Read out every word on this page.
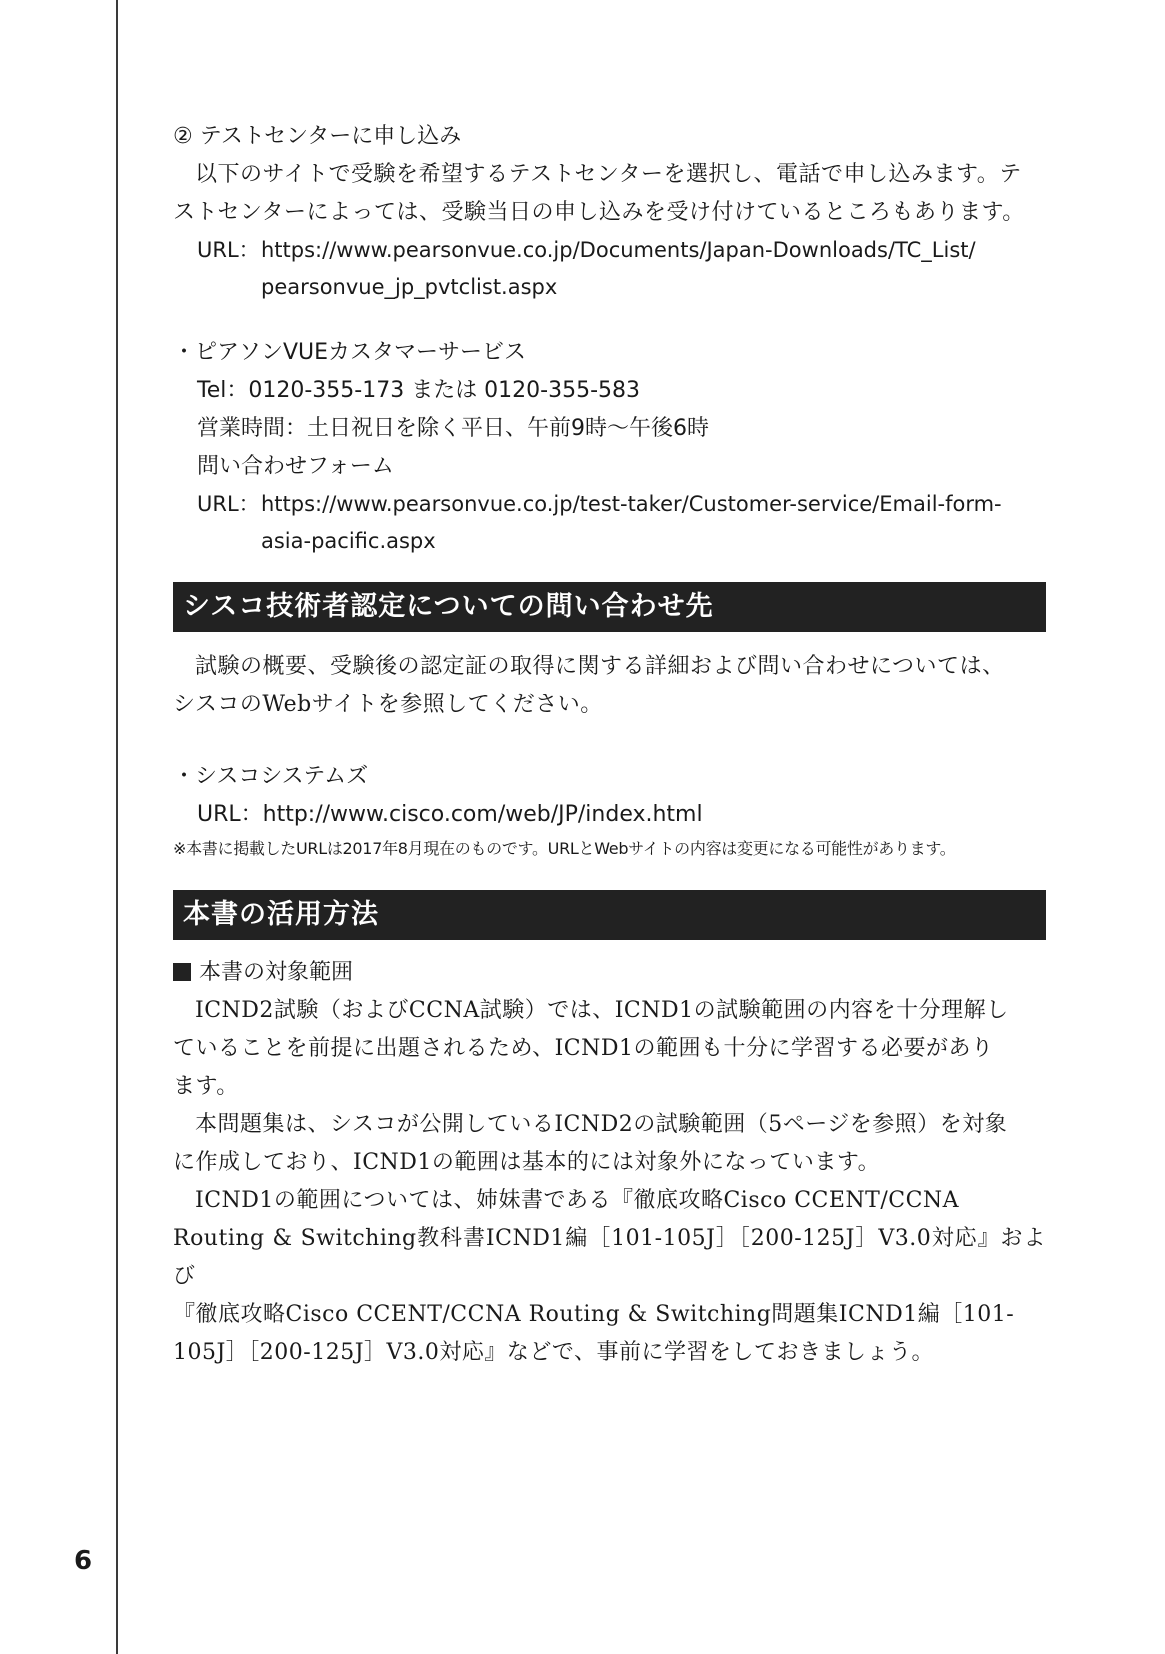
6
② テストセンターに申し込み
以下のサイトで受験を希望するテストセンターを選択し、電話で申し込みます。テ
ストセンターによっては、受験当日の申し込みを受け付けているところもあります。
URL： https://www.pearsonvue.co.jp/Documents/Japan-Downloads/TC_List/
pearsonvue_jp_pvtclist.aspx
・ピアソンVUEカスタマーサービス
Tel：0120-355-173 または 0120-355-583
営業時間：土日祝日を除く平日、午前9時～午後6時
問い合わせフォーム
URL： https://www.pearsonvue.co.jp/test-taker/Customer-service/Email-form-
asia-pacific.aspx
シスコ技術者認定についての問い合わせ先
試験の概要、受験後の認定証の取得に関する詳細および問い合わせについては、
シスコのWebサイトを参照してください。
・シスコシステムズ
URL：http://www.cisco.com/web/JP/index.html
※本書に掲載したURLは2017年8月現在のものです。URLとWebサイトの内容は変更になる可能性があります。
本書の活用方法
本書の対象範囲
ICND2試験（およびCCNA試験）では、ICND1の試験範囲の内容を十分理解し
ていることを前提に出題されるため、ICND1の範囲も十分に学習する必要があり
ます。
本問題集は、シスコが公開しているICND2の試験範囲（5ページを参照）を対象
に作成しており、ICND1の範囲は基本的には対象外になっています。
ICND1の範囲については、姉妹書である『徹底攻略Cisco CCENT/CCNA
Routing & Switching教科書ICND1編［101-105J］［200-125J］V3.0対応』および
『徹底攻略Cisco CCENT/CCNA Routing & Switching問題集ICND1編［101-
105J］［200-125J］V3.0対応』などで、事前に学習をしておきましょう。
